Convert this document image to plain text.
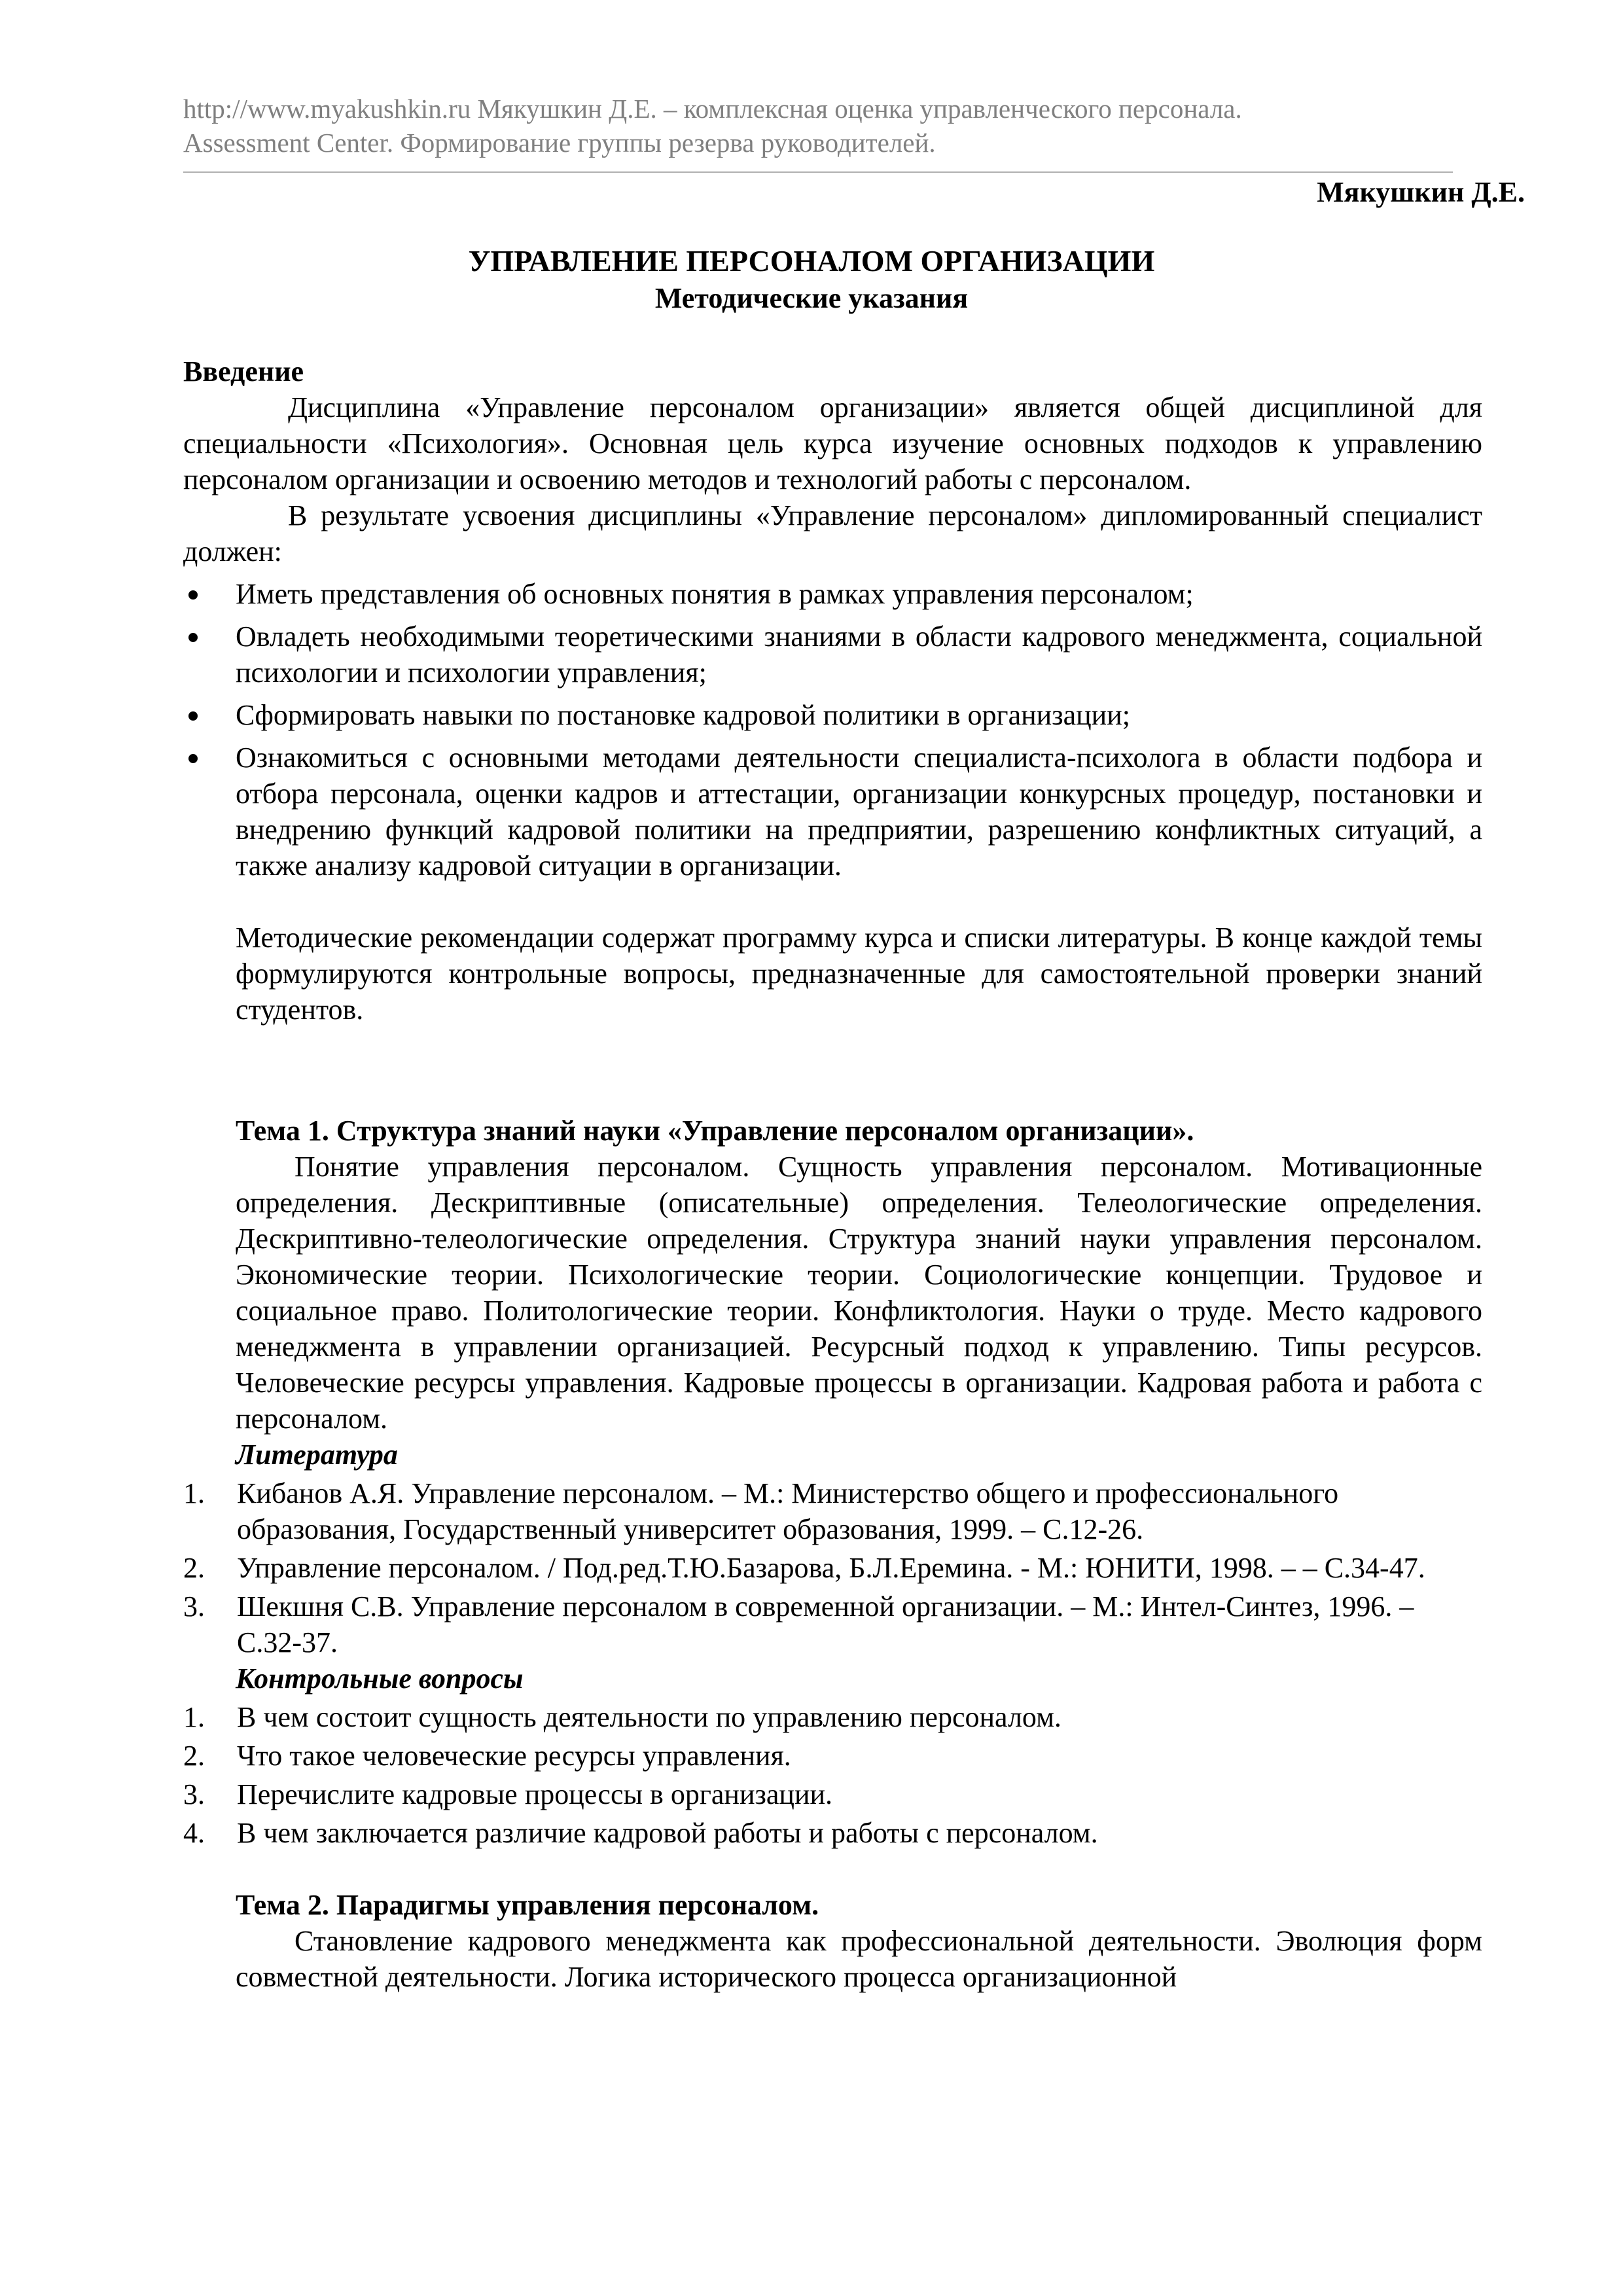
http://www.myakushkin.ru Мякушкин Д.Е. – комплексная оценка управленческого персонала.
Assessment Center. Формирование группы резерва руководителей.
Мякушкин Д.Е.
УПРАВЛЕНИЕ ПЕРСОНАЛОМ ОРГАНИЗАЦИИ
Методические указания

Введение

Дисциплина «Управление персоналом организации» является общей дисциплиной для специальности «Психология». Основная цель курса изучение основных подходов к управлению персоналом организации и освоению методов и технологий работы с персоналом.

В результате усвоения дисциплины «Управление персоналом» дипломированный специалист должен:

Иметь представления об основных понятия в рамках управления персоналом;
Овладеть необходимыми теоретическими знаниями в области кадрового менеджмента, социальной психологии и психологии управления;
Сформировать навыки по постановке кадровой политики в организации;
Ознакомиться с основными методами деятельности специалиста-психолога в области подбора и отбора персонала, оценки кадров и аттестации, организации конкурсных процедур, постановки и внедрению функций кадровой политики на предприятии, разрешению конфликтных ситуаций, а также анализу кадровой ситуации в организации.

Методические рекомендации содержат программу курса и списки литературы. В конце каждой темы формулируются контрольные вопросы, предназначенные для самостоятельной проверки знаний студентов.

Тема 1. Структура знаний науки «Управление персоналом организации».

Понятие управления персоналом. Сущность управления персоналом. Мотивационные определения. Дескриптивные (описательные) определения. Телеологические определения. Дескриптивно-телеологические определения. Структура знаний науки управления персоналом. Экономические теории. Психологические теории. Социологические концепции. Трудовое и социальное право. Политологические теории. Конфликтология. Науки о труде. Место кадрового менеджмента в управлении организацией. Ресурсный подход к управлению. Типы ресурсов. Человеческие ресурсы управления. Кадровые процессы в организации. Кадровая работа и работа с персоналом.

Литература

1. Кибанов А.Я. Управление персоналом. – М.: Министерство общего и профессионального образования, Государственный университет образования, 1999. – С.12-26.
2. Управление персоналом. / Под.ред.Т.Ю.Базарова, Б.Л.Еремина. - М.: ЮНИТИ, 1998. – – С.34-47.
3. Шекшня С.В. Управление персоналом в современной организации. – М.: Интел-Синтез, 1996. – С.32-37.

Контрольные вопросы

1. В чем состоит сущность деятельности по управлению персоналом.
2. Что такое человеческие ресурсы управления.
3. Перечислите кадровые процессы в организации.
4. В чем заключается различие кадровой работы и работы с персоналом.

Тема 2. Парадигмы управления персоналом.

Становление кадрового менеджмента как профессиональной деятельности. Эволюция форм совместной деятельности. Логика исторического процесса организационной
